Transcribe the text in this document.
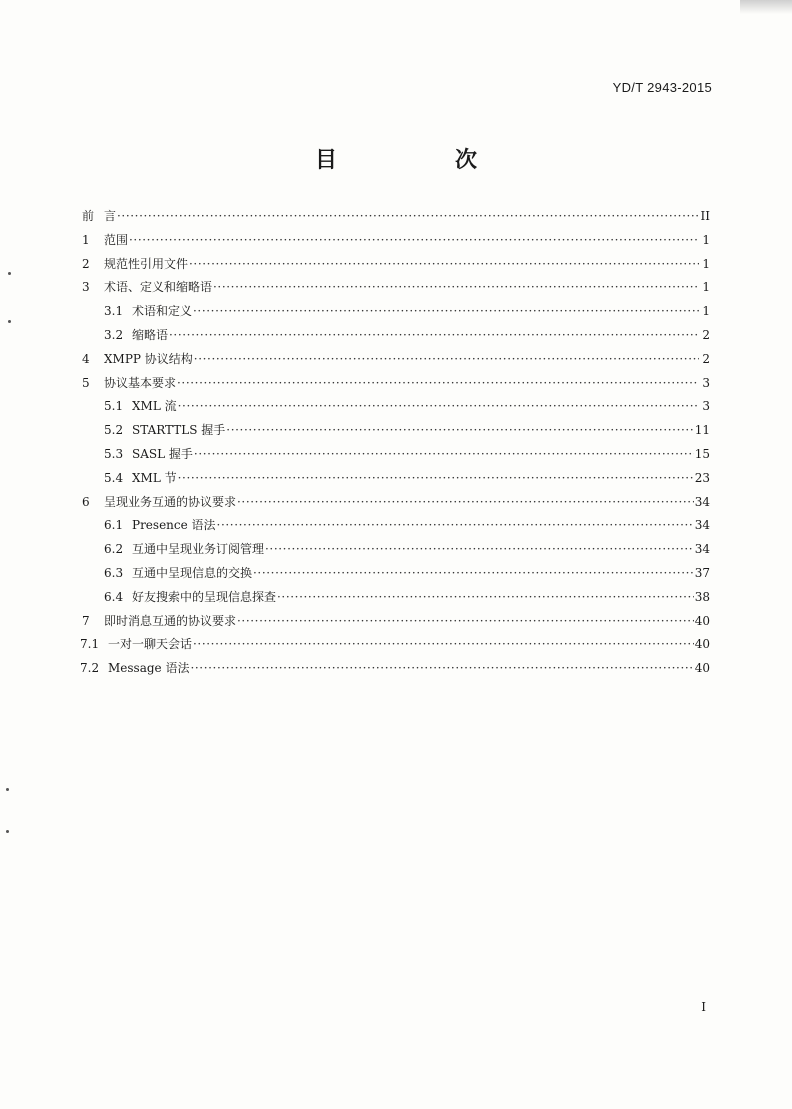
YD/T 2943-2015
目　次
前 言 ·····	II
1	范围 ·····	1
2	规范性引用文件 ·····	1
3	术语、定义和缩略语 ·····	1
3.1 术语和定义 ·····	1
3.2 缩略语 ·····	2
4	XMPP 协议结构 ·····	2
5	协议基本要求 ·····	3
5.1 XML 流 ·····	3
5.2 STARTTLS 握手 ·····	11
5.3 SASL 握手 ·····	15
5.4 XML 节 ·····	23
6	呈现业务互通的协议要求 ·····	34
6.1 Presence 语法 ·····	34
6.2 互通中呈现业务订阅管理 ·····	34
6.3 互通中呈现信息的交换 ·····	37
6.4 好友搜索中的呈现信息探查 ·····	38
7	即时消息互通的协议要求 ·····	40
7.1 一对一聊天会话 ·····	40
7.2 Message 语法 ·····	40
I
